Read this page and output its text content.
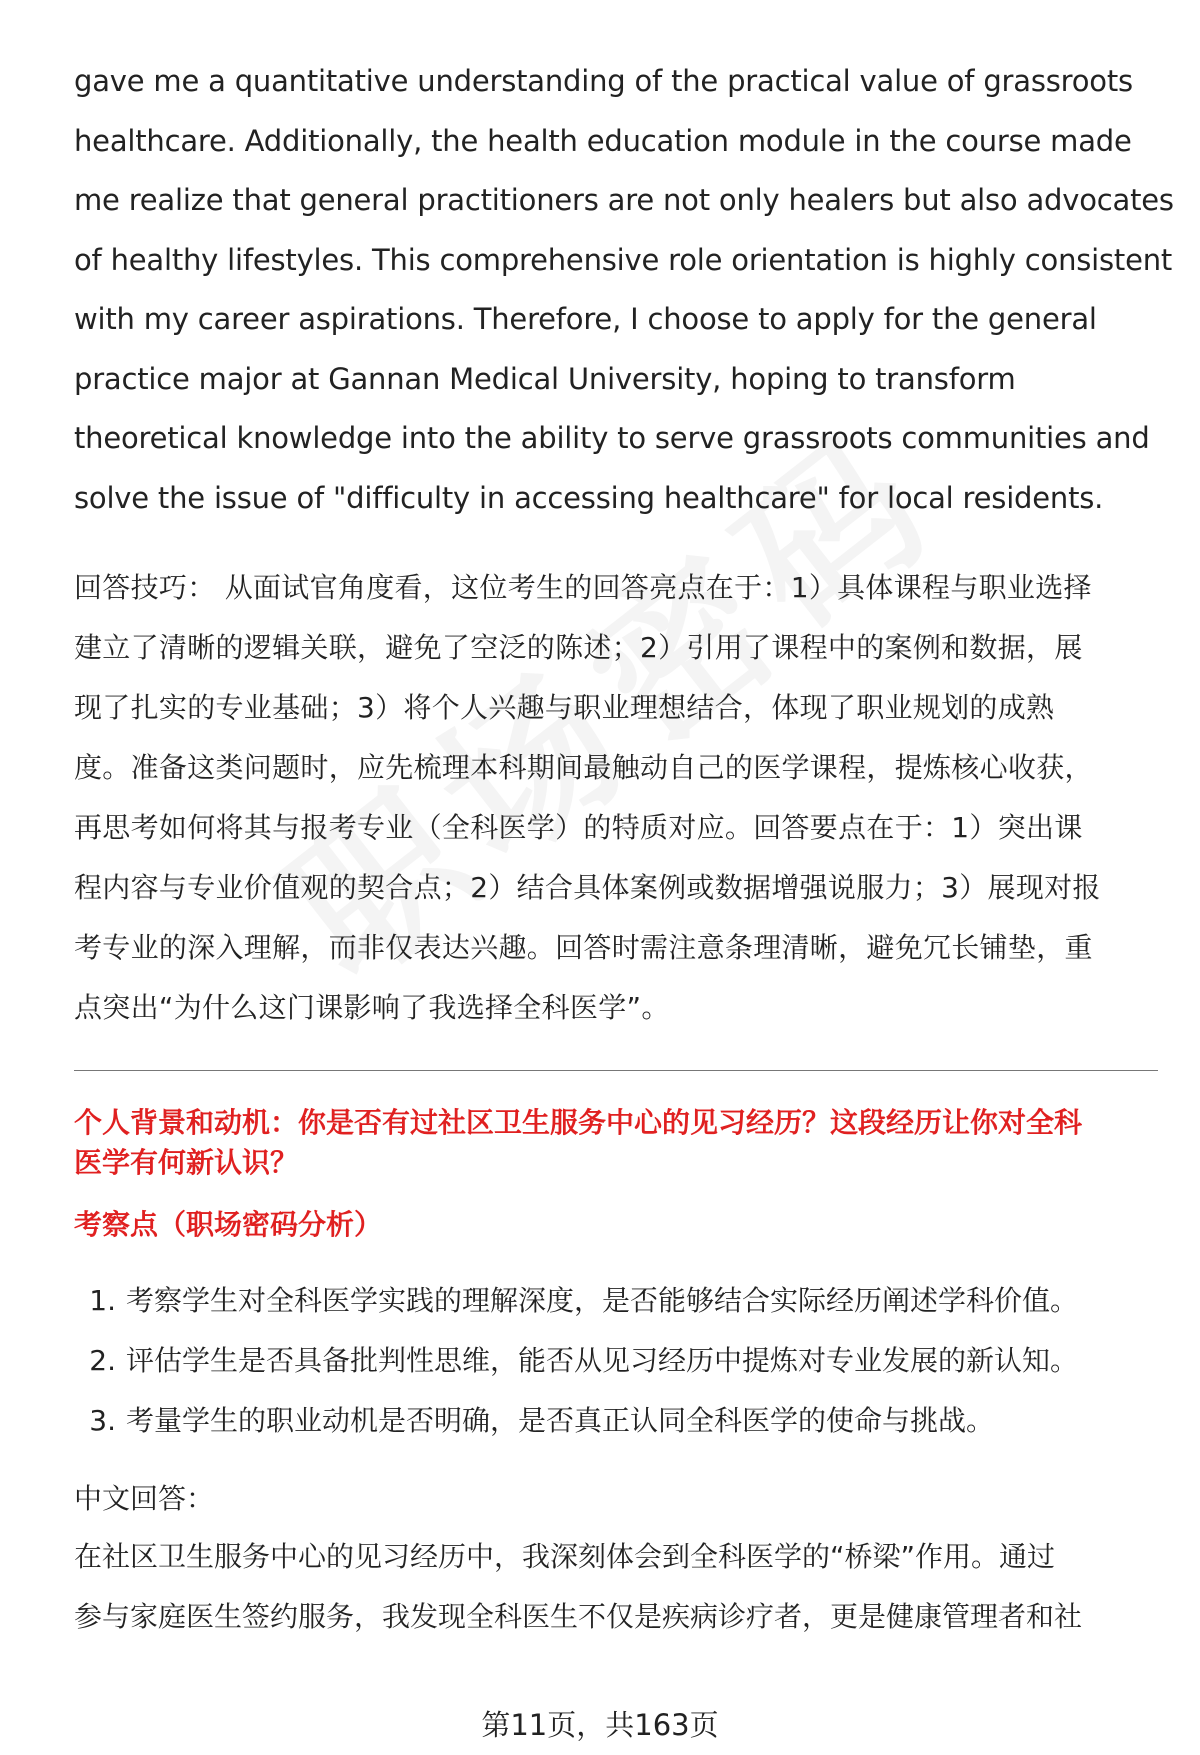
gave me a quantitative understanding of the practical value of grassroots
healthcare. Additionally, the health education module in the course made
me realize that general practitioners are not only healers but also advocates
of healthy lifestyles. This comprehensive role orientation is highly consistent
with my career aspirations. Therefore, I choose to apply for the general
practice major at Gannan Medical University, hoping to transform
theoretical knowledge into the ability to serve grassroots communities and
solve the issue of "difficulty in accessing healthcare" for local residents.

回答技巧： 从面试官角度看，这位考生的回答亮点在于：1）具体课程与职业选择
建立了清晰的逻辑关联，避免了空泛的陈述；2）引用了课程中的案例和数据，展
现了扎实的专业基础；3）将个人兴趣与职业理想结合，体现了职业规划的成熟
度。准备这类问题时，应先梳理本科期间最触动自己的医学课程，提炼核心收获，
再思考如何将其与报考专业（全科医学）的特质对应。回答要点在于：1）突出课
程内容与专业价值观的契合点；2）结合具体案例或数据增强说服力；3）展现对报
考专业的深入理解，而非仅表达兴趣。回答时需注意条理清晰，避免冗长铺垫，重
点突出“为什么这门课影响了我选择全科医学”。

个人背景和动机：你是否有过社区卫生服务中心的见习经历？这段经历让你对全科
医学有何新认识？
考察点（职场密码分析）
1. 考察学生对全科医学实践的理解深度，是否能够结合实际经历阐述学科价值。
2. 评估学生是否具备批判性思维，能否从见习经历中提炼对专业发展的新认知。
3. 考量学生的职业动机是否明确，是否真正认同全科医学的使命与挑战。
中文回答：

在社区卫生服务中心的见习经历中，我深刻体会到全科医学的“桥梁”作用。通过
参与家庭医生签约服务，我发现全科医生不仅是疾病诊疗者，更是健康管理者和社

第11页，共163页
